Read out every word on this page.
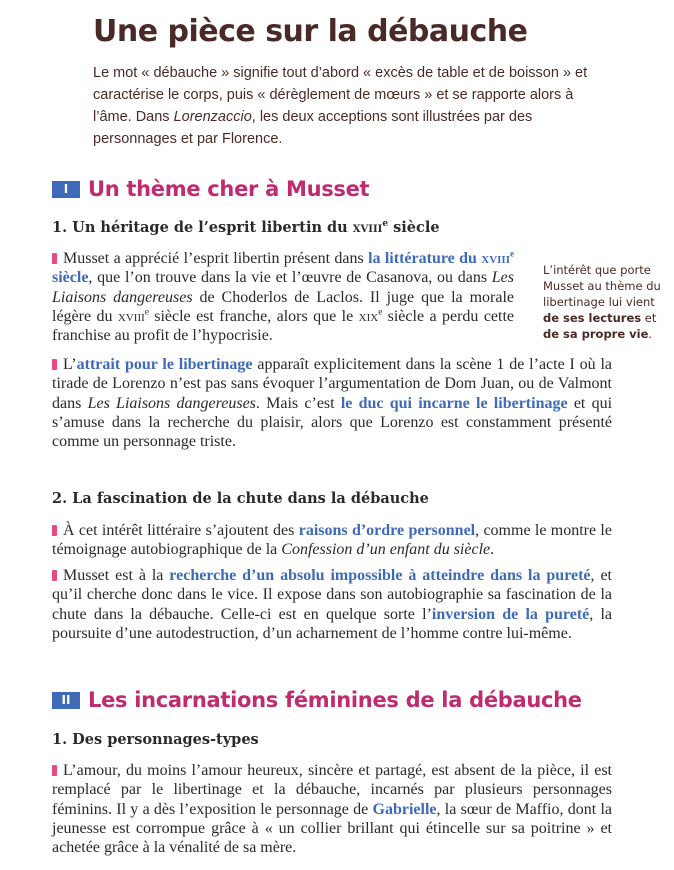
Une pièce sur la débauche

Le mot « débauche » signifie tout d’abord « excès de table et de boisson » et caractérise le corps, puis « dérèglement de mœurs » et se rapporte alors à l’âme. Dans Lorenzaccio, les deux acceptions sont illustrées par des personnages et par Florence.

I Un thème cher à Musset
1. Un héritage de l’esprit libertin du xviii$^e$ siècle

Musset a apprécié l’esprit libertin présent dans la littérature du xviii$^e$ siècle, que l’on trouve dans la vie et l’œuvre de Casanova, ou dans Les Liaisons dangereuses de Choderlos de Laclos. Il juge que la morale légère du xviii$^e$ siècle est franche, alors que le xix$^e$ siècle a perdu cette franchise au profit de l’hypocrisie.

L’attrait pour le libertinage apparaît explicitement dans la scène 1 de l’acte I où la tirade de Lorenzo n’est pas sans évoquer l’argumentation de Dom Juan, ou de Valmont dans Les Liaisons dangereuses. Mais c’est le duc qui incarne le libertinage et qui s’amuse dans la recherche du plaisir, alors que Lorenzo est constamment présenté comme un personnage triste.

L’intérêt que porte Musset au thème du libertinage lui vient de ses lectures et de sa propre vie.

2. La fascination de la chute dans la débauche

À cet intérêt littéraire s’ajoutent des raisons d’ordre personnel, comme le montre le témoignage autobiographique de la Confession d’un enfant du siècle.

Musset est à la recherche d’un absolu impossible à atteindre dans la pureté, et qu’il cherche donc dans le vice. Il expose dans son autobiographie sa fascination de la chute dans la débauche. Celle-ci est en quelque sorte l’inversion de la pureté, la poursuite d’une autodestruction, d’un acharnement de l’homme contre lui-même.

II Les incarnations féminines de la débauche
1. Des personnages-types

L’amour, du moins l’amour heureux, sincère et partagé, est absent de la pièce, il est remplacé par le libertinage et la débauche, incarnés par plusieurs personnages féminins. Il y a dès l’exposition le personnage de Gabrielle, la sœur de Maffio, dont la jeunesse est corrompue grâce à « un collier brillant qui étincelle sur sa poitrine » et achetée grâce à la vénalité de sa mère.
